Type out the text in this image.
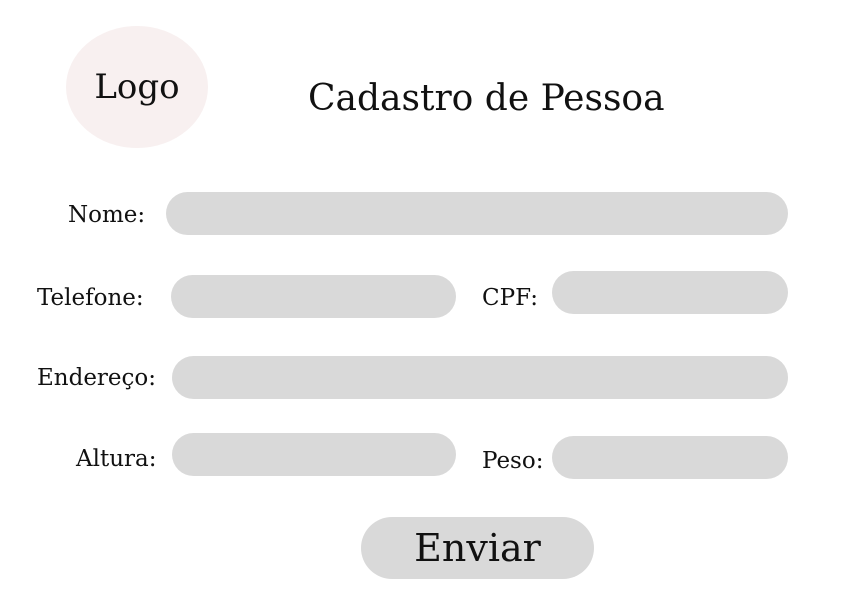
Logo	Cadastro de Pessoa
Nome:
Telefone:	CPF:
Endereço:
Altura:	Peso:
Enviar
